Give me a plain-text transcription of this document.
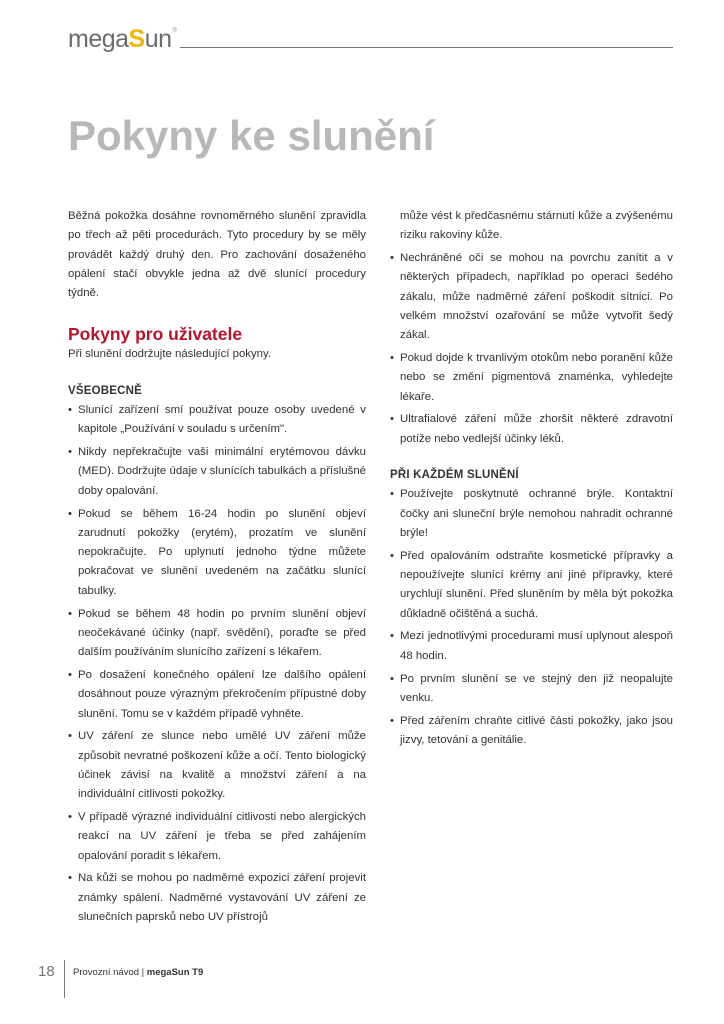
megaSun ®
Pokyny ke slunění

Běžná pokožka dosáhne rovnoměrného slunění zpravidla po třech až pěti procedurách. Tyto procedury by se měly provádět každý druhý den. Pro zachování dosaženého opálení stačí obvykle jedna až dvě slunící procedury týdně.

Pokyny pro uživatele

Při slunění dodržujte následující pokyny.

VŠEOBECNĚ

• Slunící zařízení smí používat pouze osoby uvedené v kapitole „Používání v souladu s určením".
• Nikdy nepřekračujte vaši minimální erytémovou dávku (MED). Dodržujte údaje v slunících tabulkách a příslušné doby opalování.
• Pokud se během 16-24 hodin po slunění objeví zarudnutí pokožky (erytém), prozatím ve slunění nepokračujte. Po uplynutí jednoho týdne můžete pokračovat ve slunění uvedeném na začátku slunící tabulky.
• Pokud se během 48 hodin po prvním slunění objeví neočekávané účinky (např. svědění), poraďte se před dalším používáním slunícího zařízení s lékařem.
• Po dosažení konečného opálení lze dalšího opálení dosáhnout pouze výrazným překročením přípustné doby slunění. Tomu se v každém případě vyhněte.
• UV záření ze slunce nebo umělé UV záření může způsobit nevratné poškození kůže a očí. Tento biologický účinek závisí na kvalitě a množství záření a na individuální citlivosti pokožky.
• V případě výrazné individuální citlivosti nebo alergických reakcí na UV záření je třeba se před zahájením opalování poradit s lékařem.
• Na kůži se mohou po nadměrné expozici záření projevit známky spálení. Nadměrné vystavování UV záření ze slunečních paprsků nebo UV přístrojů

může vést k předčasnému stárnutí kůže a zvýšenému riziku rakoviny kůže.

• Nechráněné oči se mohou na povrchu zanítit a v některých případech, například po operaci šedého zákalu, může nadměrné záření poškodit sítnici. Po velkém množství ozařování se může vytvořit šedý zákal.
• Pokud dojde k trvanlivým otokům nebo poranění kůže nebo se změní pigmentová znaménka, vyhledejte lékaře.
• Ultrafialové záření může zhoršit některé zdravotní potíže nebo vedlejší účinky léků.

PŘI KAŽDÉM SLUNĚNÍ

• Používejte poskytnuté ochranné brýle. Kontaktní čočky ani sluneční brýle nemohou nahradit ochranné brýle!
• Před opalováním odstraňte kosmetické přípravky a nepoužívejte slunící krémy ani jiné přípravky, které urychlují slunění. Před sluněním by měla být pokožka důkladně očištěná a suchá.
• Mezi jednotlivými procedurami musí uplynout alespoň 48 hodin.
• Po prvním slunění se ve stejný den již neopalujte venku.
• Před zářením chraňte citlivé části pokožky, jako jsou jizvy, tetování a genitálie.
18 Provozní návod | megaSun T9
